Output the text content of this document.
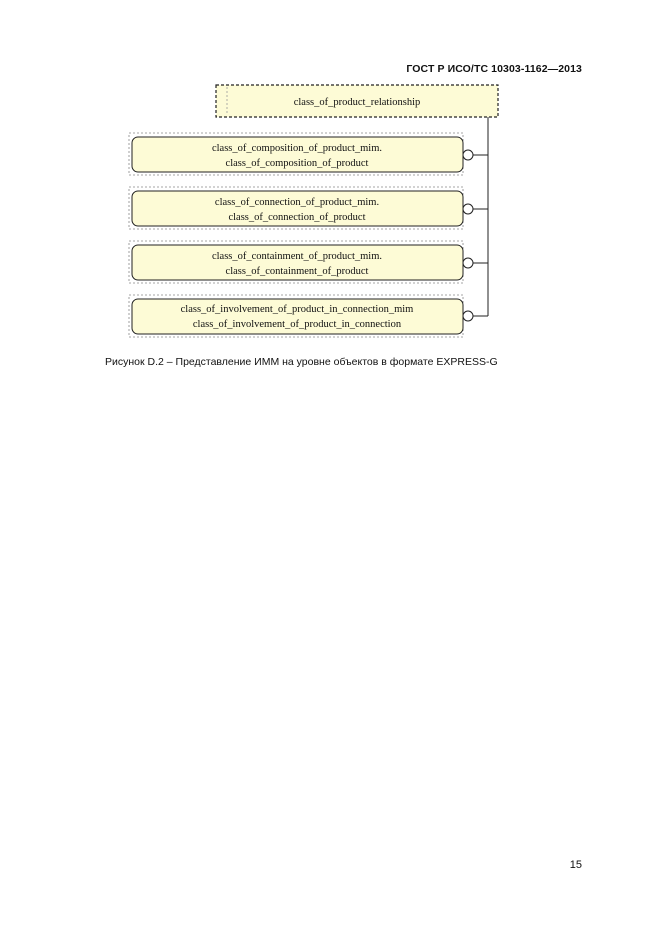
ГОСТ Р ИСО/ТС 10303-1162—2013
class_of_product_relationship
class_of_composition_of_product_mim.
class_of_composition_of_product
class_of_connection_of_product_mim.
class_of_connection_of_product
class_of_containment_of_product_mim.
class_of_containment_of_product
class_of_involvement_of_product_in_connection_mim
class_of_involvement_of_product_in_connection
Рисунок D.2 – Представление ИММ на уровне объектов в формате EXPRESS-G
15
